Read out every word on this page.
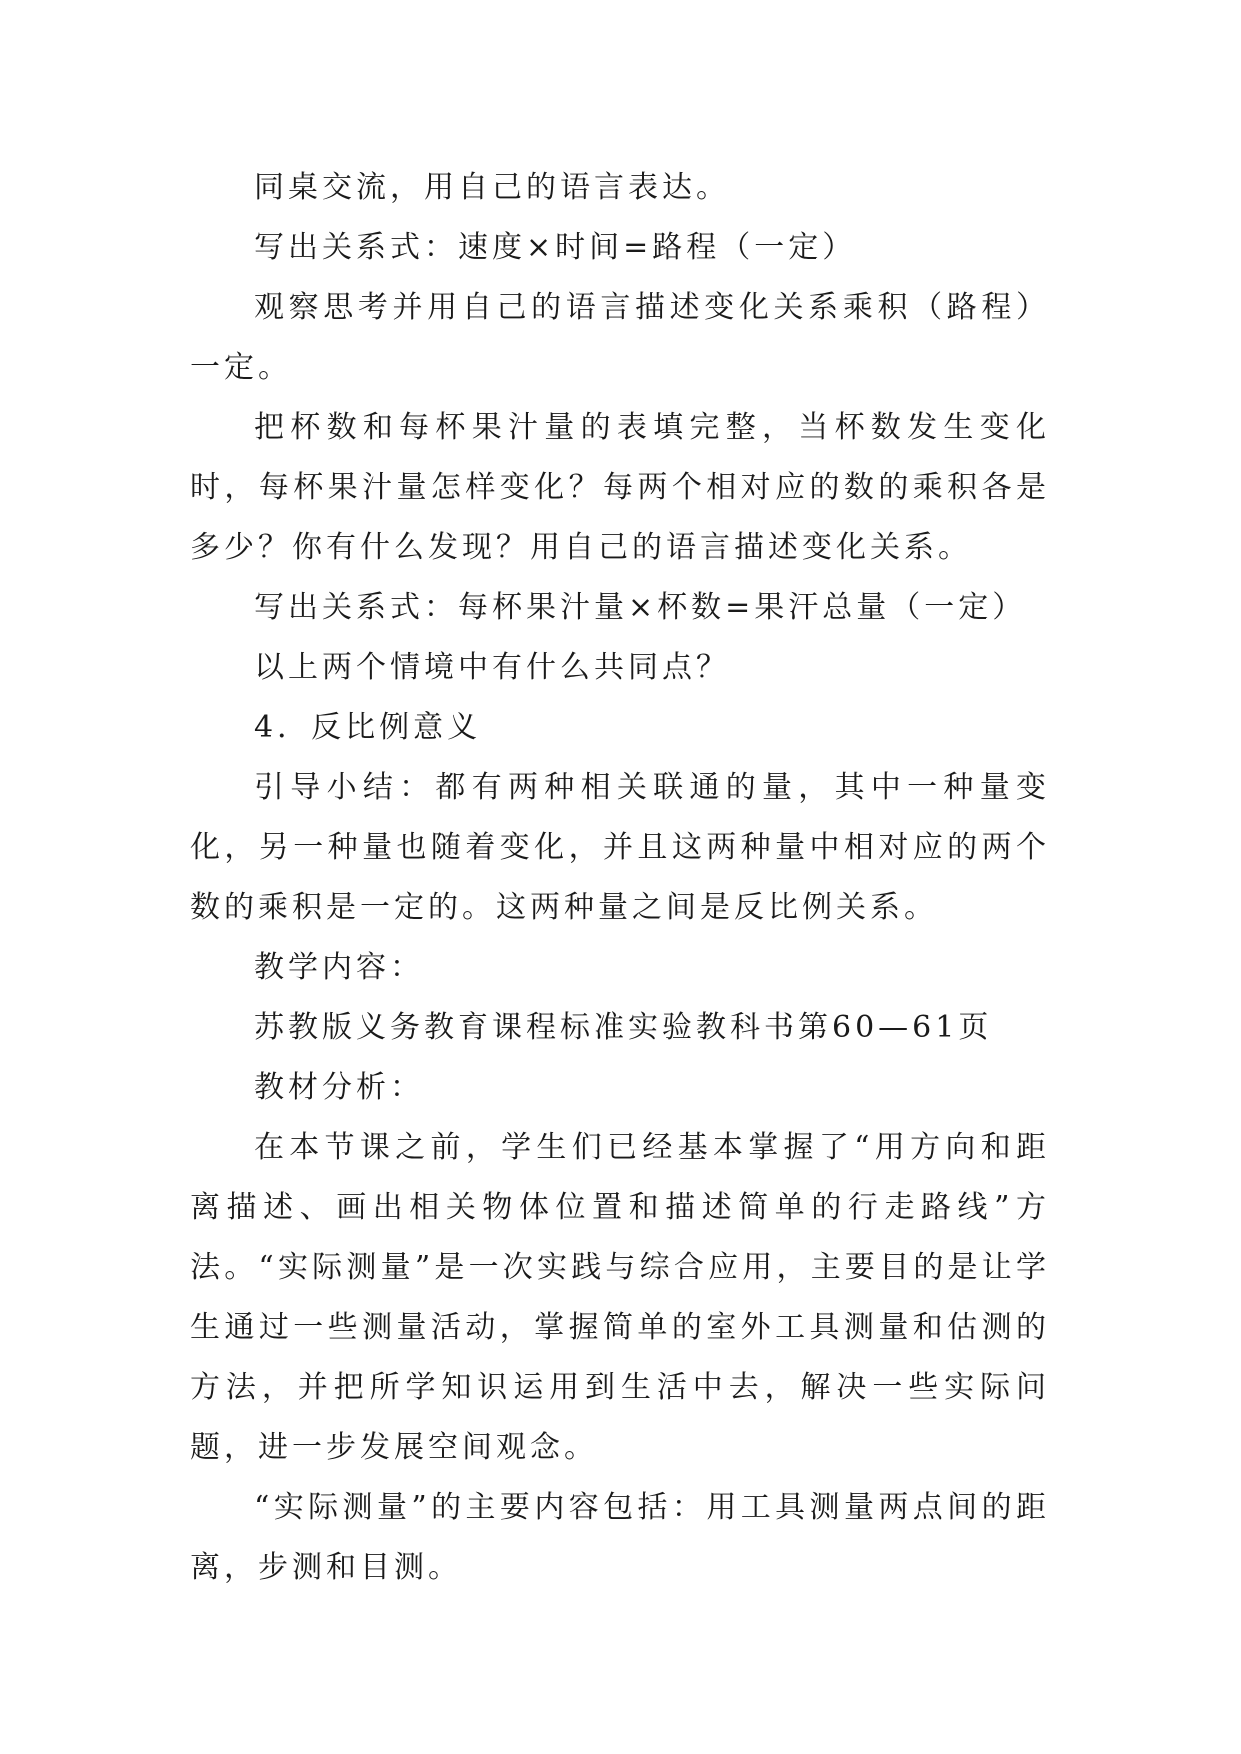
同桌交流，用自己的语言表达。

写出关系式：速度×时间=路程（一定）

观察思考并用自己的语言描述变化关系乘积（路程）一定。

把杯数和每杯果汁量的表填完整，当杯数发生变化时，每杯果汁量怎样变化？每两个相对应的数的乘积各是多少？你有什么发现？用自己的语言描述变化关系。

写出关系式：每杯果汁量×杯数=果汗总量（一定）

以上两个情境中有什么共同点？

4．反比例意义

引导小结：都有两种相关联通的量，其中一种量变化，另一种量也随着变化，并且这两种量中相对应的两个数的乘积是一定的。这两种量之间是反比例关系。

教学内容：

苏教版义务教育课程标准实验教科书第60—61页

教材分析：

在本节课之前，学生们已经基本掌握了“用方向和距离描述、画出相关物体位置和描述简单的行走路线”方法。“实际测量”是一次实践与综合应用，主要目的是让学生通过一些测量活动，掌握简单的室外工具测量和估测的方法，并把所学知识运用到生活中去，解决一些实际问题，进一步发展空间观念。

“实际测量”的主要内容包括：用工具测量两点间的距离，步测和目测。
